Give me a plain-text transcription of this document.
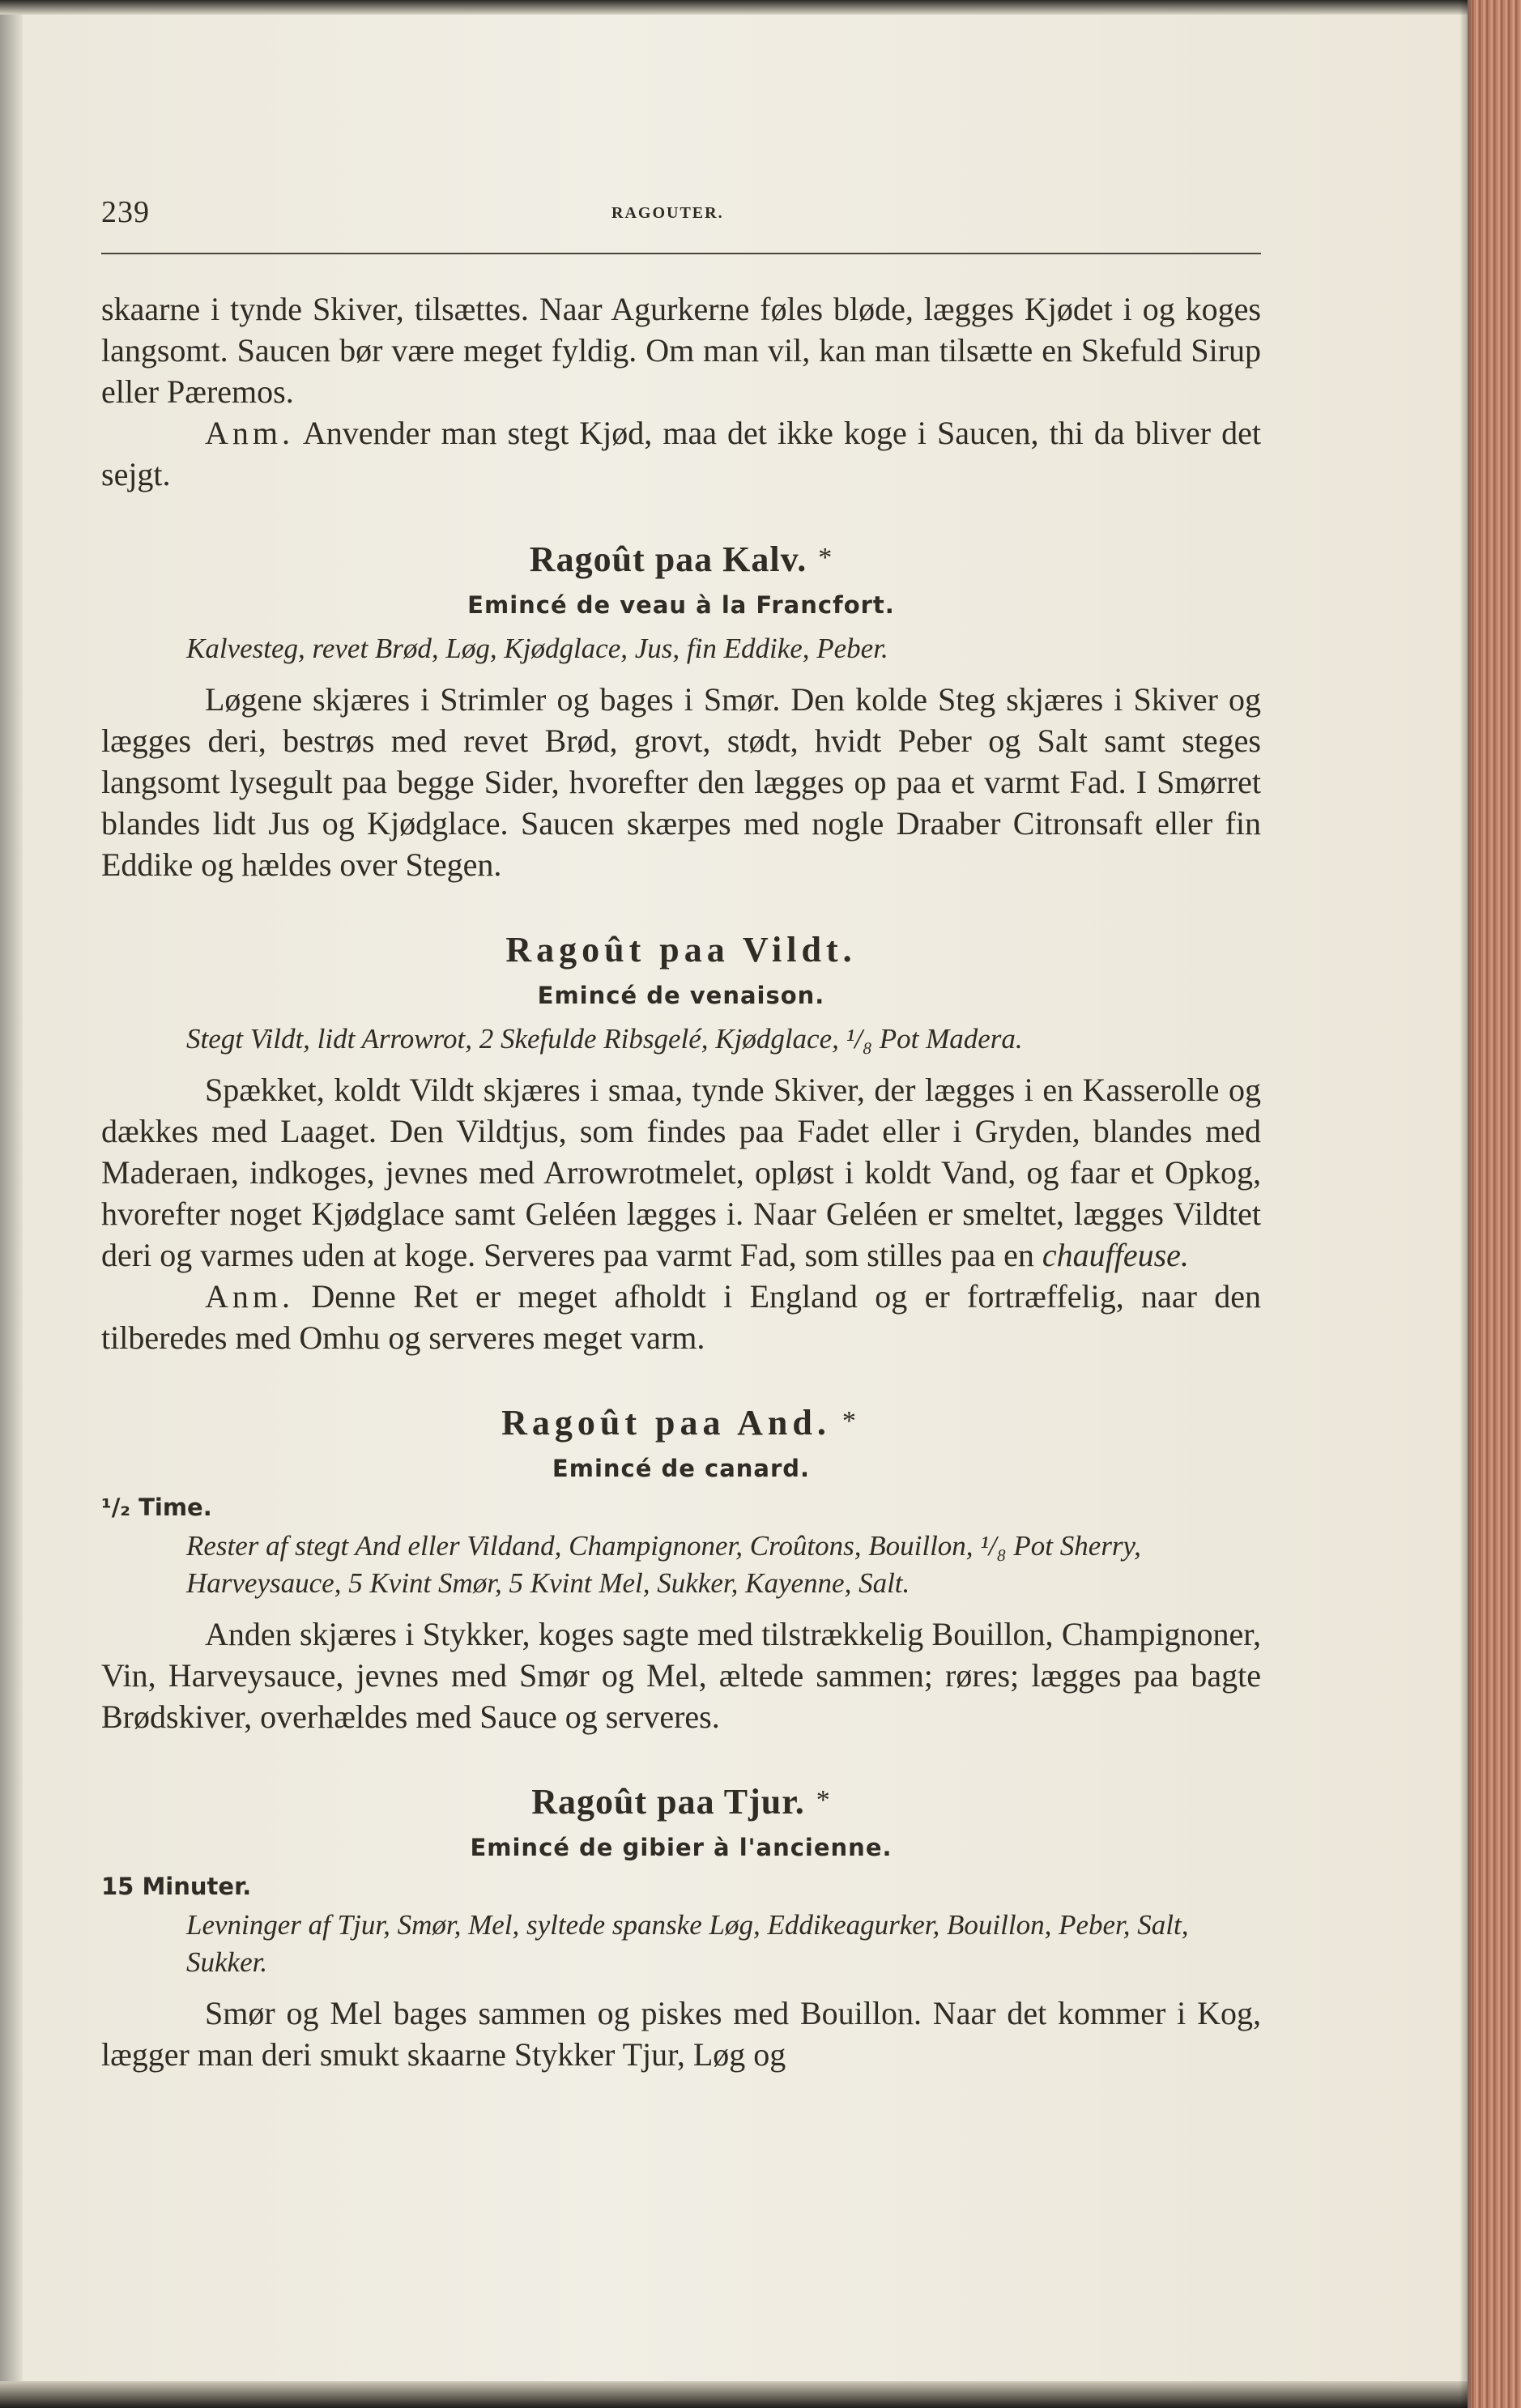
239	RAGOUTER.

skaarne i tynde Skiver, tilsættes. Naar Agurkerne føles bløde, lægges Kjødet i og koges langsomt. Saucen bør være meget fyldig. Om man vil, kan man tilsætte en Skefuld Sirup eller Pæremos.

Anm. Anvender man stegt Kjød, maa det ikke koge i Saucen, thi da bliver det sejgt.

Ragoût paa Kalv. *
Emincé de veau à la Francfort.

Kalvesteg, revet Brød, Løg, Kjødglace, Jus, fin Eddike, Peber.

Løgene skjæres i Strimler og bages i Smør. Den kolde Steg skjæres i Skiver og lægges deri, bestrøs med revet Brød, grovt, stødt, hvidt Peber og Salt samt steges langsomt lysegult paa begge Sider, hvorefter den lægges op paa et varmt Fad. I Smørret blandes lidt Jus og Kjødglace. Saucen skærpes med nogle Draaber Citronsaft eller fin Eddike og hældes over Stegen.

Ragoût paa Vildt.
Emincé de venaison.

Stegt Vildt, lidt Arrowrot, 2 Skefulde Ribsgelé, Kjødglace, ¹/₈ Pot Madera.

Spækket, koldt Vildt skjæres i smaa, tynde Skiver, der lægges i en Kasserolle og dækkes med Laaget. Den Vildtjus, som findes paa Fadet eller i Gryden, blandes med Maderaen, indkoges, jevnes med Arrowrotmelet, opløst i koldt Vand, og faar et Opkog, hvorefter noget Kjødglace samt Geléen lægges i. Naar Geléen er smeltet, lægges Vildtet deri og varmes uden at koge. Serveres paa varmt Fad, som stilles paa en chauffeuse.

Anm. Denne Ret er meget afholdt i England og er fortræffelig, naar den tilberedes med Omhu og serveres meget varm.

Ragoût paa And. *
Emincé de canard.
¹/₂ Time.

Rester af stegt And eller Vildand, Champignoner, Croûtons, Bouillon, ¹/₈ Pot Sherry, Harveysauce, 5 Kvint Smør, 5 Kvint Mel, Sukker, Kayenne, Salt.

Anden skjæres i Stykker, koges sagte med tilstrækkelig Bouillon, Champignoner, Vin, Harveysauce, jevnes med Smør og Mel, æltede sammen; røres; lægges paa bagte Brødskiver, overhældes med Sauce og serveres.

Ragoût paa Tjur. *
Emincé de gibier à l'ancienne.
15 Minuter.

Levninger af Tjur, Smør, Mel, syltede spanske Løg, Eddikeagurker, Bouillon, Peber, Salt, Sukker.

Smør og Mel bages sammen og piskes med Bouillon. Naar det kommer i Kog, lægger man deri smukt skaarne Stykker Tjur, Løg og
